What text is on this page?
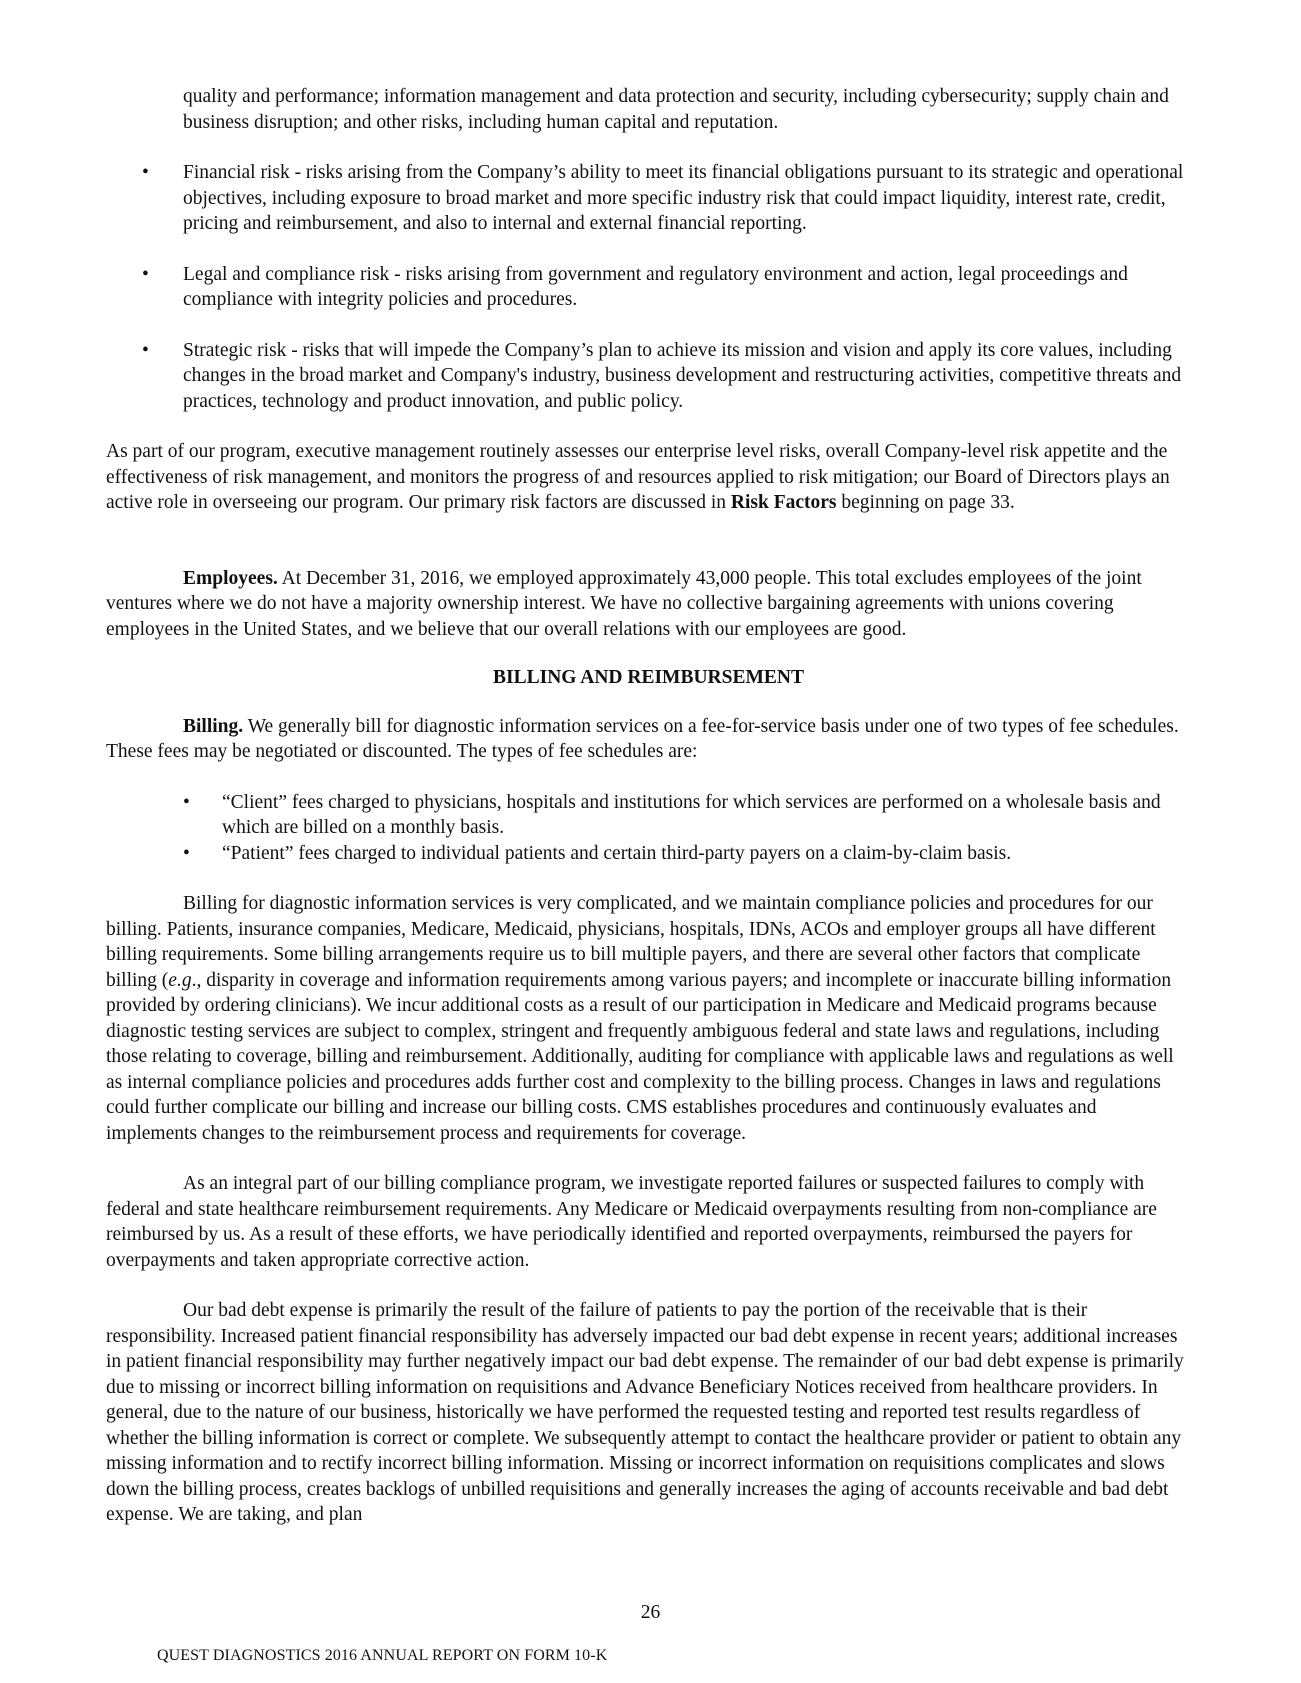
quality and performance; information management and data protection and security, including cybersecurity; supply chain and business disruption; and other risks, including human capital and reputation.

• Financial risk - risks arising from the Company’s ability to meet its financial obligations pursuant to its strategic and operational objectives, including exposure to broad market and more specific industry risk that could impact liquidity, interest rate, credit, pricing and reimbursement, and also to internal and external financial reporting.
• Legal and compliance risk - risks arising from government and regulatory environment and action, legal proceedings and compliance with integrity policies and procedures.
• Strategic risk - risks that will impede the Company’s plan to achieve its mission and vision and apply its core values, including changes in the broad market and Company's industry, business development and restructuring activities, competitive threats and practices, technology and product innovation, and public policy.

As part of our program, executive management routinely assesses our enterprise level risks, overall Company-level risk appetite and the effectiveness of risk management, and monitors the progress of and resources applied to risk mitigation; our Board of Directors plays an active role in overseeing our program. Our primary risk factors are discussed in Risk Factors beginning on page 33.

Employees. At December 31, 2016, we employed approximately 43,000 people. This total excludes employees of the joint ventures where we do not have a majority ownership interest. We have no collective bargaining agreements with unions covering employees in the United States, and we believe that our overall relations with our employees are good.

BILLING AND REIMBURSEMENT

Billing. We generally bill for diagnostic information services on a fee-for-service basis under one of two types of fee schedules. These fees may be negotiated or discounted. The types of fee schedules are:

• “Client” fees charged to physicians, hospitals and institutions for which services are performed on a wholesale basis and which are billed on a monthly basis.
• “Patient” fees charged to individual patients and certain third-party payers on a claim-by-claim basis.

Billing for diagnostic information services is very complicated, and we maintain compliance policies and procedures for our billing. Patients, insurance companies, Medicare, Medicaid, physicians, hospitals, IDNs, ACOs and employer groups all have different billing requirements. Some billing arrangements require us to bill multiple payers, and there are several other factors that complicate billing (e.g., disparity in coverage and information requirements among various payers; and incomplete or inaccurate billing information provided by ordering clinicians). We incur additional costs as a result of our participation in Medicare and Medicaid programs because diagnostic testing services are subject to complex, stringent and frequently ambiguous federal and state laws and regulations, including those relating to coverage, billing and reimbursement. Additionally, auditing for compliance with applicable laws and regulations as well as internal compliance policies and procedures adds further cost and complexity to the billing process. Changes in laws and regulations could further complicate our billing and increase our billing costs. CMS establishes procedures and continuously evaluates and implements changes to the reimbursement process and requirements for coverage.

As an integral part of our billing compliance program, we investigate reported failures or suspected failures to comply with federal and state healthcare reimbursement requirements. Any Medicare or Medicaid overpayments resulting from non-compliance are reimbursed by us. As a result of these efforts, we have periodically identified and reported overpayments, reimbursed the payers for overpayments and taken appropriate corrective action.

Our bad debt expense is primarily the result of the failure of patients to pay the portion of the receivable that is their responsibility. Increased patient financial responsibility has adversely impacted our bad debt expense in recent years; additional increases in patient financial responsibility may further negatively impact our bad debt expense. The remainder of our bad debt expense is primarily due to missing or incorrect billing information on requisitions and Advance Beneficiary Notices received from healthcare providers. In general, due to the nature of our business, historically we have performed the requested testing and reported test results regardless of whether the billing information is correct or complete. We subsequently attempt to contact the healthcare provider or patient to obtain any missing information and to rectify incorrect billing information. Missing or incorrect information on requisitions complicates and slows down the billing process, creates backlogs of unbilled requisitions and generally increases the aging of accounts receivable and bad debt expense. We are taking, and plan

26
QUEST DIAGNOSTICS 2016 ANNUAL REPORT ON FORM 10-K
